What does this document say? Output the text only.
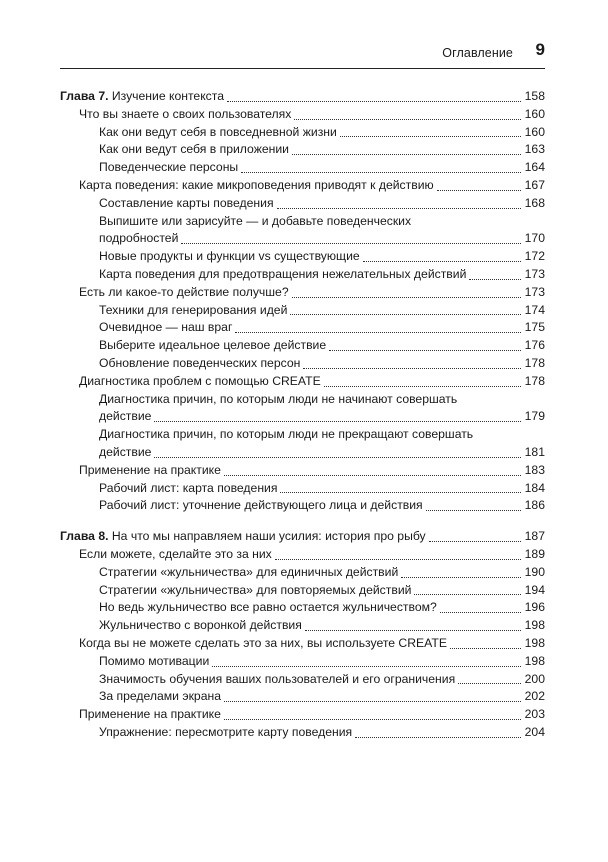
Оглавление 9
Глава 7. Изучение контекста	158
Что вы знаете о своих пользователях	160
Как они ведут себя в повседневной жизни	160
Как они ведут себя в приложении	163
Поведенческие персоны	164
Карта поведения: какие микроповедения приводят к действию	167
Составление карты поведения	168
Выпишите или зарисуйте — и добавьте поведенческих
подробностей	170
Новые продукты и функции vs существующие	172
Карта поведения для предотвращения нежелательных действий	173
Есть ли какое-то действие получше?	173
Техники для генерирования идей	174
Очевидное — наш враг	175
Выберите идеальное целевое действие	176
Обновление поведенческих персон	178
Диагностика проблем с помощью CREATE	178
Диагностика причин, по которым люди не начинают совершать
действие	179
Диагностика причин, по которым люди не прекращают совершать
действие	181
Применение на практике	183
Рабочий лист: карта поведения	184
Рабочий лист: уточнение действующего лица и действия	186
Глава 8. На что мы направляем наши усилия: история про рыбу	187
Если можете, сделайте это за них	189
Стратегии «жульничества» для единичных действий	190
Стратегии «жульничества» для повторяемых действий	194
Но ведь жульничество все равно остается жульничеством?	196
Жульничество с воронкой действия	198
Когда вы не можете сделать это за них, вы используете CREATE	198
Помимо мотивации	198
Значимость обучения ваших пользователей и его ограничения	200
За пределами экрана	202
Применение на практике	203
Упражнение: пересмотрите карту поведения	204
